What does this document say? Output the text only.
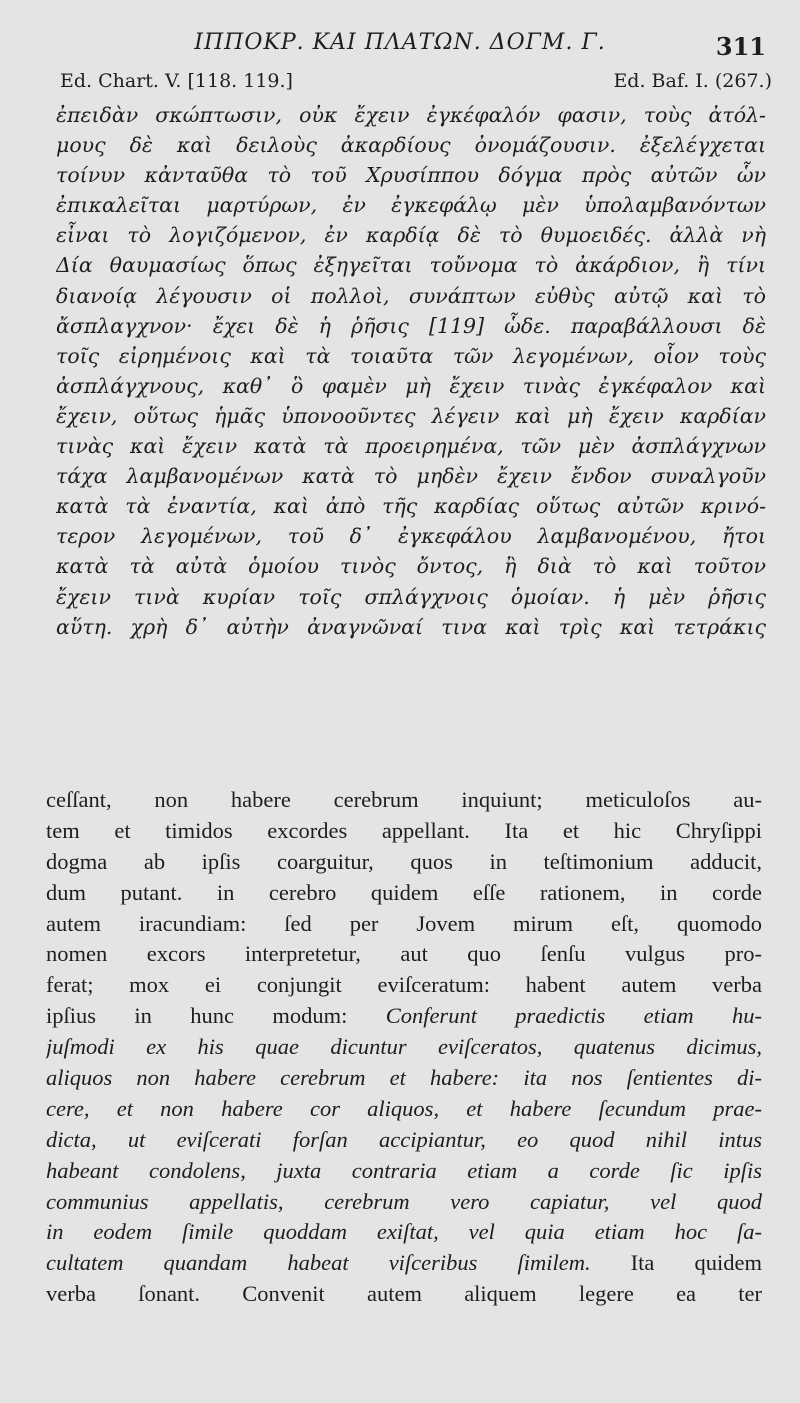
ΙΠΠΟΚΡ. ΚΑΙ ΠΛΑΤΩΝ. ΔΟΓΜ. Γ.	311
Ed. Chart. V. [118. 119.]	Ed. Baf. I. (267.)
ἐπειδὰν σκώπτωσιν, οὐκ ἔχειν ἐγκέφαλόν φασιν, τοὺς ἀτόλ-
μους δὲ καὶ δειλοὺς ἀκαρδίους ὀνομάζουσιν. ἐξελέγχεται
τοίνυν κἀνταῦθα τὸ τοῦ Χρυσίππου δόγμα πρὸς αὐτῶν ὧν
ἐπικαλεῖται μαρτύρων, ἐν ἐγκεφάλῳ μὲν ὑπολαμβανόντων
εἶναι τὸ λογιζόμενον, ἐν καρδίᾳ δὲ τὸ θυμοειδές. ἀλλὰ νὴ
Δία θαυμασίως ὅπως ἐξηγεῖται τοὔνομα τὸ ἀκάρδιον, ἢ τίνι
διανοίᾳ λέγουσιν οἱ πολλοὶ, συνάπτων εὐθὺς αὐτῷ καὶ τὸ
ἄσπλαγχνον· ἔχει δὲ ἡ ῥῆσις [119] ὧδε. παραβάλλουσι δὲ
τοῖς εἰρημένοις καὶ τὰ τοιαῦτα τῶν λεγομένων, οἷον τοὺς
ἀσπλάγχνους, καθ᾽ ὃ φαμὲν μὴ ἔχειν τινὰς ἐγκέφαλον καὶ
ἔχειν, οὕτως ἡμᾶς ὑπονοοῦντες λέγειν καὶ μὴ ἔχειν καρδίαν
τινὰς καὶ ἔχειν κατὰ τὰ προειρημένα, τῶν μὲν ἀσπλάγχνων
τάχα λαμβανομένων κατὰ τὸ μηδὲν ἔχειν ἔνδον συναλγοῦν
κατὰ τὰ ἐναντία, καὶ ἀπὸ τῆς καρδίας οὕτως αὐτῶν κρινό-
τερον λεγομένων, τοῦ δ᾽ ἐγκεφάλου λαμβανομένου, ἤτοι
κατὰ τὰ αὐτὰ ὁμοίου τινὸς ὄντος, ἢ διὰ τὸ καὶ τοῦτον
ἔχειν τινὰ κυρίαν τοῖς σπλάγχνοις ὁμοίαν. ἡ μὲν ῥῆσις
αὕτη. χρὴ δ᾽ αὐτὴν ἀναγνῶναί τινα καὶ τρὶς καὶ τετράκις
ceſſant, non habere cerebrum inquiunt; meticuloſos au-
tem et timidos excordes appellant. Ita et hic Chryſippi
dogma ab ipſis coarguitur, quos in teſtimonium adducit,
dum putant. in cerebro quidem eſſe rationem, in corde
autem iracundiam: ſed per Jovem mirum eſt, quomodo
nomen excors interpretetur, aut quo ſenſu vulgus pro-
ferat; mox ei conjungit eviſceratum: habent autem verba
ipſius in hunc modum: Conferunt praedictis etiam hu-
juſmodi ex his quae dicuntur eviſceratos, quatenus dicimus,
aliquos non habere cerebrum et habere: ita nos ſentientes di-
cere, et non habere cor aliquos, et habere ſecundum prae-
dicta, ut eviſcerati forſan accipiantur, eo quod nihil intus
habeant condolens, juxta contraria etiam a corde ſic ipſis
communius appellatis, cerebrum vero capiatur, vel quod
in eodem ſimile quoddam exiſtat, vel quia etiam hoc ſa-
cultatem quandam habeat viſceribus ſimilem. Ita quidem
verba ſonant. Convenit autem aliquem legere ea ter
